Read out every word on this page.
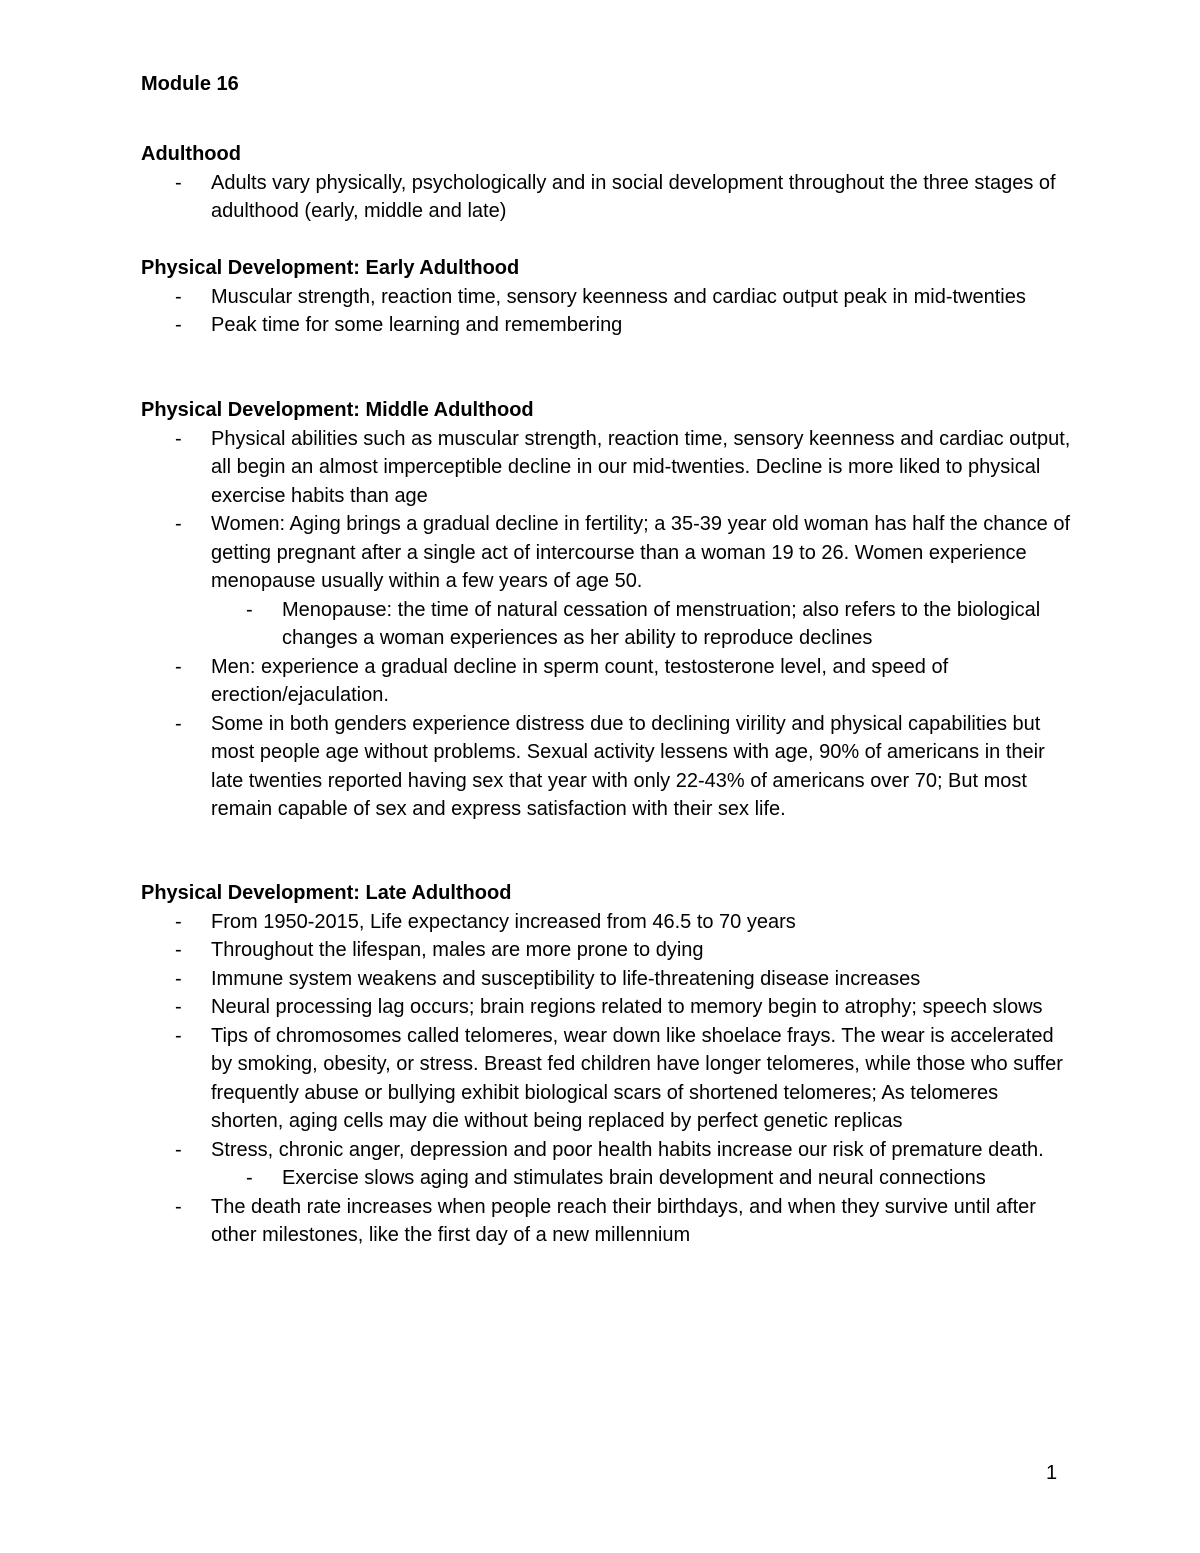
Module 16
Adulthood
- Adults vary physically, psychologically and in social development throughout the three stages of adulthood (early, middle and late)
Physical Development: Early Adulthood
- Muscular strength, reaction time, sensory keenness and cardiac output peak in mid-twenties
- Peak time for some learning and remembering
Physical Development: Middle Adulthood
- Physical abilities such as muscular strength, reaction time, sensory keenness and cardiac output, all begin an almost imperceptible decline in our mid-twenties. Decline is more liked to physical exercise habits than age
- Women: Aging brings a gradual decline in fertility; a 35-39 year old woman has half the chance of getting pregnant after a single act of intercourse than a woman 19 to 26. Women experience menopause usually within a few years of age 50.
- Menopause: the time of natural cessation of menstruation; also refers to the biological changes a woman experiences as her ability to reproduce declines
- Men: experience a gradual decline in sperm count, testosterone level, and speed of erection/ejaculation.
- Some in both genders experience distress due to declining virility and physical capabilities but most people age without problems. Sexual activity lessens with age, 90% of americans in their late twenties reported having sex that year with only 22-43% of americans over 70; But most remain capable of sex and express satisfaction with their sex life.
Physical Development: Late Adulthood
- From 1950-2015, Life expectancy increased from 46.5 to 70 years
- Throughout the lifespan, males are more prone to dying
- Immune system weakens and susceptibility to life-threatening disease increases
- Neural processing lag occurs; brain regions related to memory begin to atrophy; speech slows
- Tips of chromosomes called telomeres, wear down like shoelace frays. The wear is accelerated by smoking, obesity, or stress. Breast fed children have longer telomeres, while those who suffer frequently abuse or bullying exhibit biological scars of shortened telomeres; As telomeres shorten, aging cells may die without being replaced by perfect genetic replicas
- Stress, chronic anger, depression and poor health habits increase our risk of premature death.
- Exercise slows aging and stimulates brain development and neural connections
- The death rate increases when people reach their birthdays, and when they survive until after other milestones, like the first day of a new millennium
1
